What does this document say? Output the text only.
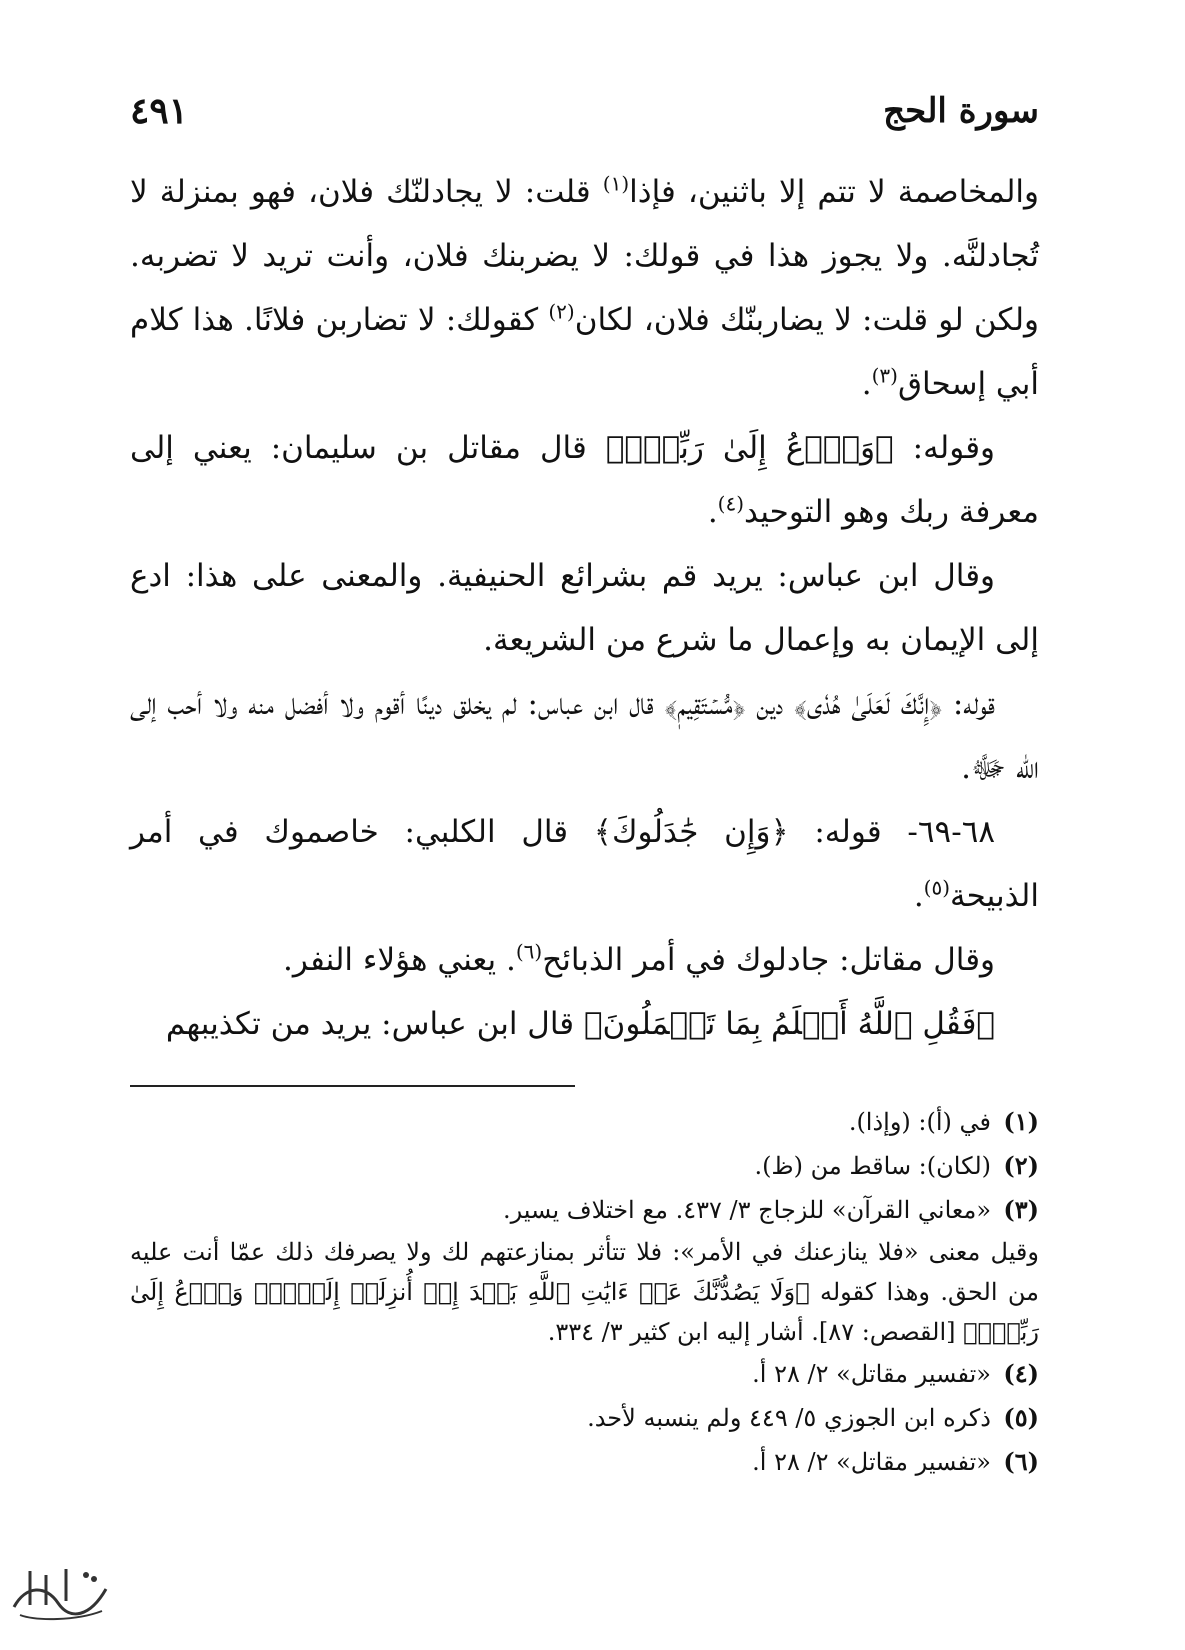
سورة الحج
٤٩١

والمخاصمة لا تتم إلا باثنين، فإذا$^{(١)}$ قلت: لا يجادلنّك فلان، فهو بمنزلة لا تُجادلنَّه. ولا يجوز هذا في قولك: لا يضربنك فلان، وأنت تريد لا تضربه. ولكن لو قلت: لا يضاربنّك فلان، لكان$^{(٢)}$ كقولك: لا تضاربن فلانًا. هذا كلام أبي إسحاق$^{(٣)}$.

وقوله: ﴿وَٱدۡعُ إِلَىٰ رَبِّكَۖ﴾ قال مقاتل بن سليمان: يعني إلى معرفة ربك وهو التوحيد$^{(٤)}$.

وقال ابن عباس: يريد قم بشرائع الحنيفية. والمعنى على هذا: ادع إلى الإيمان به وإعمال ما شرع من الشريعة.

قوله: ﴿إِنَّكَ لَعَلَىٰ هُدٗى﴾ دين ﴿مُّسۡتَقِيمٖ﴾ قال ابن عباس: لم يخلق دينًا أقوم ولا أفضل منه ولا أحب إلى الله ﷻ.

٦٨-٦٩- قوله: ﴿وَإِن جَٰدَلُوكَ﴾ قال الكلبي: خاصموك في أمر الذبيحة$^{(٥)}$.

وقال مقاتل: جادلوك في أمر الذبائح$^{(٦)}$. يعني هؤلاء النفر.

﴿فَقُلِ ٱللَّهُ أَعۡلَمُ بِمَا تَعۡمَلُونَ﴾ قال ابن عباس: يريد من تكذيبهم

(١)
في (أ): (وإذا).
(٢)
(لكان): ساقط من (ظ).
(٣)
«معاني القرآن» للزجاج ٣/ ٤٣٧. مع اختلاف يسير.

وقيل معنى «فلا ينازعنك في الأمر»: فلا تتأثر بمنازعتهم لك ولا يصرفك ذلك عمّا أنت عليه من الحق. وهذا كقوله ﴿وَلَا يَصُدُّنَّكَ عَنۡ ءَايَٰتِ ٱللَّهِ بَعۡدَ إِذۡ أُنزِلَتۡ إِلَيۡكَۖ وَٱدۡعُ إِلَىٰ رَبِّكَۖ﴾ [القصص: ٨٧]. أشار إليه ابن كثير ٣/ ٣٣٤.

(٤)
«تفسير مقاتل» ٢/ ٢٨ أ.
(٥)
ذكره ابن الجوزي ٥/ ٤٤٩ ولم ينسبه لأحد.
(٦)
«تفسير مقاتل» ٢/ ٢٨ أ.
